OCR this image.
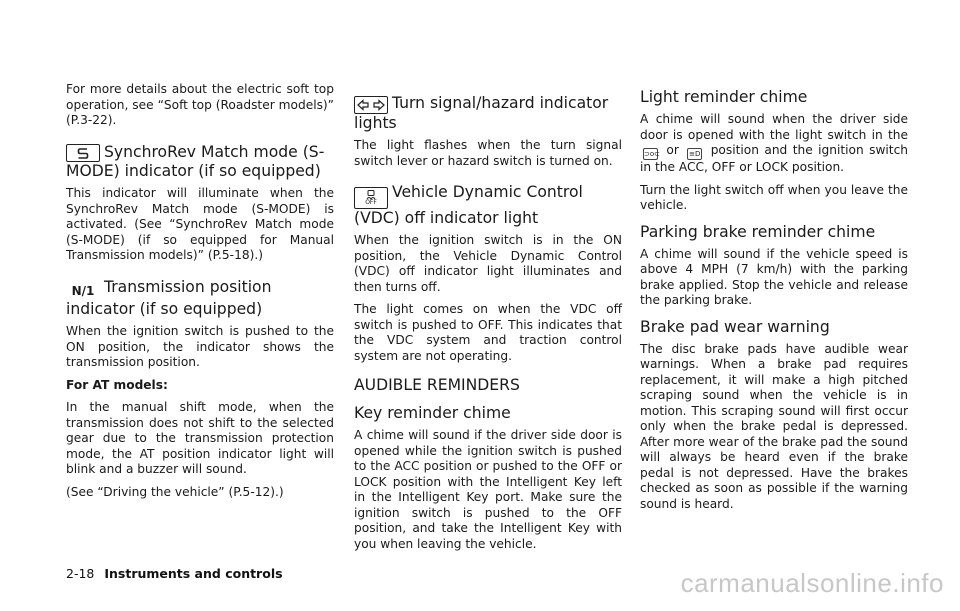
For more details about the electric soft top operation, see “Soft top (Roadster models)” (P.3-22).

SynchroRev Match mode (S-MODE) indicator (if so equipped)

This indicator will illuminate when the SynchroRev Match mode (S-MODE) is activated. (See “SynchroRev Match mode (S-MODE) (if so equipped for Manual Transmission models)” (P.5-18).)

N/1 Transmission position indicator (if so equipped)

When the ignition switch is pushed to the ON position, the indicator shows the transmission position.

For AT models:

In the manual shift mode, when the transmission does not shift to the selected gear due to the transmission protection mode, the AT position indicator light will blink and a buzzer will sound.

(See “Driving the vehicle” (P.5-12).)

Turn signal/hazard indicator lights

The light flashes when the turn signal switch lever or hazard switch is turned on.

OFF
Vehicle Dynamic Control (VDC) off indicator light

When the ignition switch is in the ON position, the Vehicle Dynamic Control (VDC) off indicator light illuminates and then turns off.

The light comes on when the VDC off switch is pushed to OFF. This indicates that the VDC system and traction control system are not operating.

AUDIBLE REMINDERS
Key reminder chime

A chime will sound if the driver side door is opened while the ignition switch is pushed to the ACC position or pushed to the OFF or LOCK position with the Intelligent Key left in the Intelligent Key port. Make sure the ignition switch is pushed to the OFF position, and take the Intelligent Key with you when leaving the vehicle.

Light reminder chime

A chime will sound when the driver side door is opened with the light switch in the ⊃o⊂ or ≡D position and the ignition switch in the ACC, OFF or LOCK position.

Turn the light switch off when you leave the vehicle.

Parking brake reminder chime

A chime will sound if the vehicle speed is above 4 MPH (7 km/h) with the parking brake applied. Stop the vehicle and release the parking brake.

Brake pad wear warning

The disc brake pads have audible wear warnings. When a brake pad requires replacement, it will make a high pitched scraping sound when the vehicle is in motion. This scraping sound will first occur only when the brake pedal is depressed. After more wear of the brake pad the sound will always be heard even if the brake pedal is not depressed. Have the brakes checked as soon as possible if the warning sound is heard.

2-18 Instruments and controls	carmanualsonline.info
